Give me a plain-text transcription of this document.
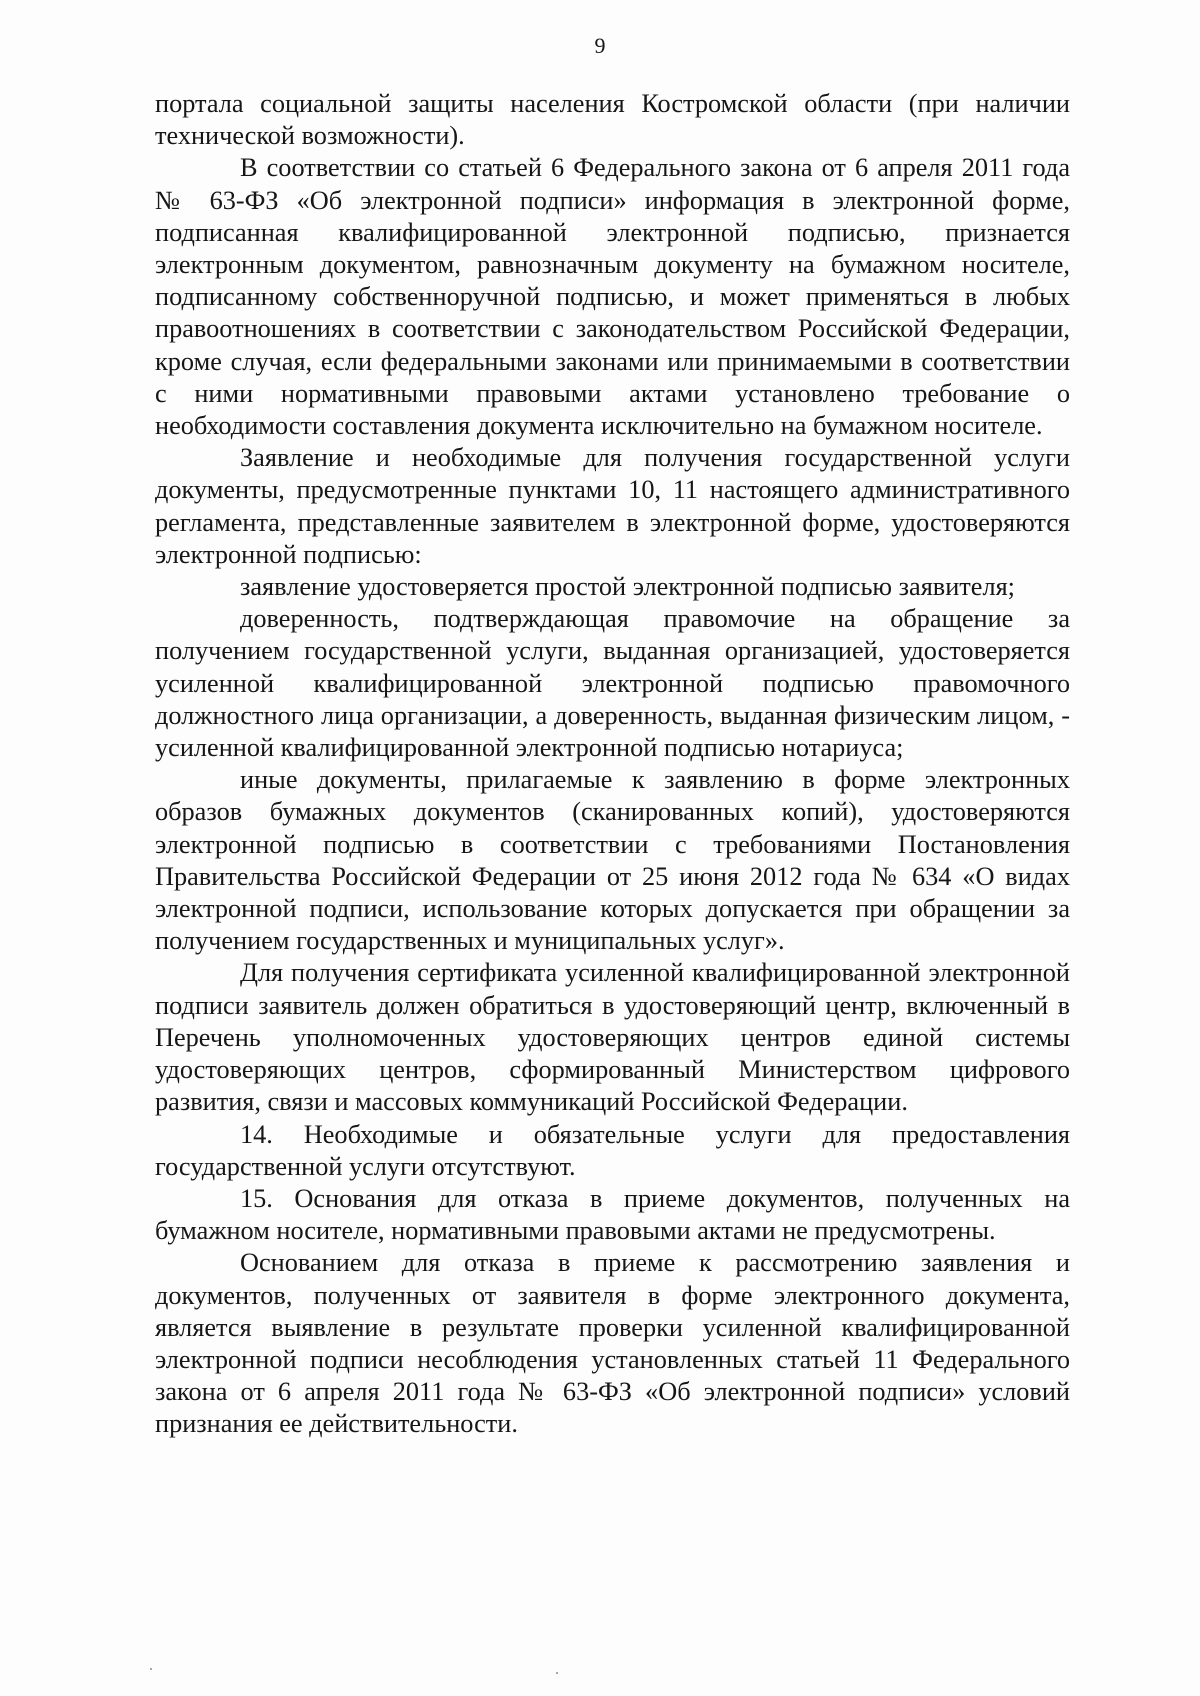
9

портала социальной защиты населения Костромской области (при наличии технической возможности).

В соответствии со статьей 6 Федерального закона от 6 апреля 2011 года № 63-ФЗ «Об электронной подписи» информация в электронной форме, подписанная квалифицированной электронной подписью, признается электронным документом, равнозначным документу на бумажном носителе, подписанному собственноручной подписью, и может применяться в любых правоотношениях в соответствии с законодательством Российской Федерации, кроме случая, если федеральными законами или принимаемыми в соответствии с ними нормативными правовыми актами установлено требование о необходимости составления документа исключительно на бумажном носителе.

Заявление и необходимые для получения государственной услуги документы, предусмотренные пунктами 10, 11 настоящего административного регламента, представленные заявителем в электронной форме, удостоверяются электронной подписью:

заявление удостоверяется простой электронной подписью заявителя;

доверенность, подтверждающая правомочие на обращение за получением государственной услуги, выданная организацией, удостоверяется усиленной квалифицированной электронной подписью правомочного должностного лица организации, а доверенность, выданная физическим лицом, - усиленной квалифицированной электронной подписью нотариуса;

иные документы, прилагаемые к заявлению в форме электронных образов бумажных документов (сканированных копий), удостоверяются электронной подписью в соответствии с требованиями Постановления Правительства Российской Федерации от 25 июня 2012 года № 634 «О видах электронной подписи, использование которых допускается при обращении за получением государственных и муниципальных услуг».

Для получения сертификата усиленной квалифицированной электронной подписи заявитель должен обратиться в удостоверяющий центр, включенный в Перечень уполномоченных удостоверяющих центров единой системы удостоверяющих центров, сформированный Министерством цифрового развития, связи и массовых коммуникаций Российской Федерации.

14. Необходимые и обязательные услуги для предоставления государственной услуги отсутствуют.

15. Основания для отказа в приеме документов, полученных на бумажном носителе, нормативными правовыми актами не предусмотрены.

Основанием для отказа в приеме к рассмотрению заявления и документов, полученных от заявителя в форме электронного документа, является выявление в результате проверки усиленной квалифицированной электронной подписи несоблюдения установленных статьей 11 Федерального закона от 6 апреля 2011 года № 63-ФЗ «Об электронной подписи» условий признания ее действительности.
